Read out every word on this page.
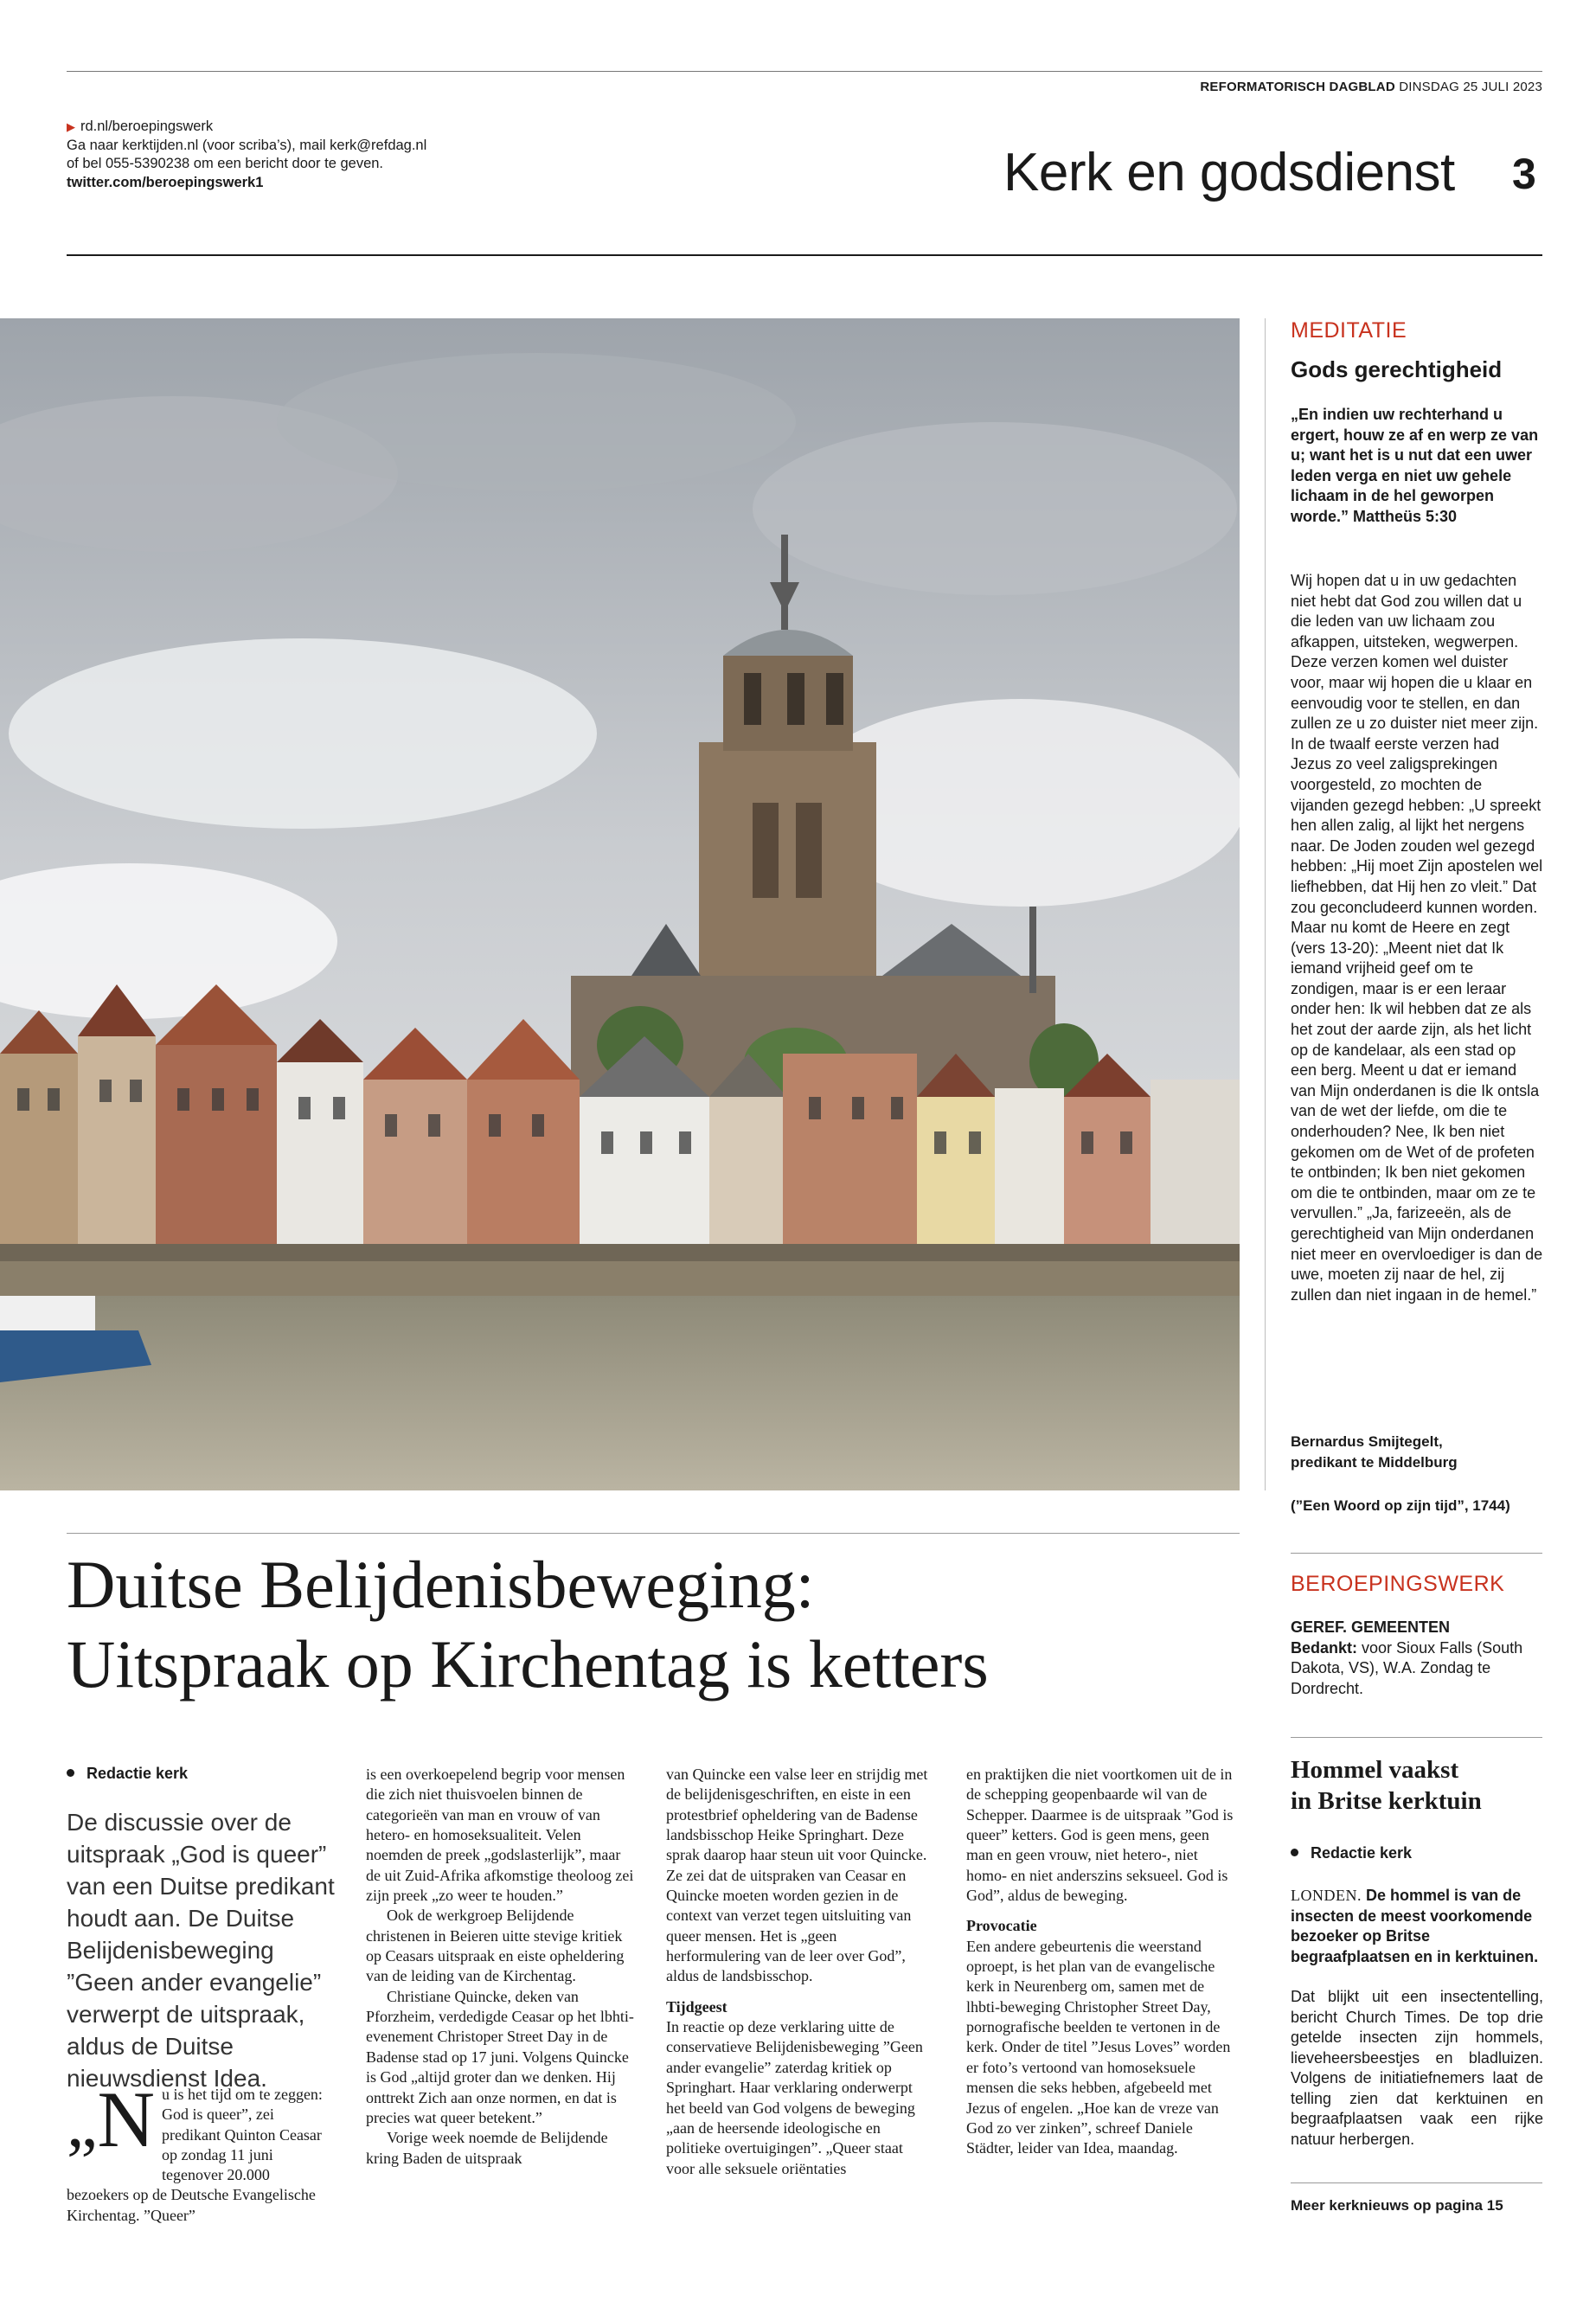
REFORMATORISCH DAGBLAD DINSDAG 25 JULI 2023
▶ rd.nl/beroepingswerk
Ga naar kerktijden.nl (voor scriba’s), mail kerk@refdag.nl
of bel 055-5390238 om een bericht door te geven.
twitter.com/beroepingswerk1	Kerk en godsdienst 3
MEDITATIE
Gods gerechtigheid
„En indien uw rechterhand u ergert, houw ze af en werp ze van u; want het is u nut dat een uwer leden verga en niet uw gehele lichaam in de hel geworpen worde.” Mattheüs 5:30

Wij hopen dat u in uw gedachten niet hebt dat God zou willen dat u die leden van uw lichaam zou afkappen, uitsteken, wegwerpen. Deze verzen komen wel duister voor, maar wij hopen die u klaar en eenvoudig voor te stellen, en dan zullen ze u zo duister niet meer zijn.

In de twaalf eerste verzen had Jezus zo veel zaligsprekingen voorgesteld, zo mochten de vijanden gezegd hebben: „U spreekt hen allen zalig, al lijkt het nergens naar. De Joden zouden wel gezegd hebben: „Hij moet Zijn apostelen wel liefhebben, dat Hij hen zo vleit.” Dat zou geconcludeerd kunnen worden. Maar nu komt de Heere en zegt (vers 13-20): „Meent niet dat Ik iemand vrijheid geef om te zondigen, maar is er een leraar onder hen: Ik wil hebben dat ze als het zout der aarde zijn, als het licht op de kandelaar, als een stad op een berg. Meent u dat er iemand van Mijn onderdanen is die Ik ontsla van de wet der liefde, om die te onderhouden? Nee, Ik ben niet gekomen om de Wet of de profeten te ontbinden; Ik ben niet gekomen om die te ontbinden, maar om ze te vervullen.” „Ja, farizeeën, als de gerechtigheid van Mijn onderdanen niet meer en overvloediger is dan de uwe, moeten zij naar de hel, zij zullen dan niet ingaan in de hemel.”

Bernardus Smijtegelt,
predikant te Middelburg
(”Een Woord op zijn tijd”, 1744)
BEROEPINGSWERK
GEREF. GEMEENTEN
Bedankt: voor Sioux Falls (South Dakota, VS), W.A. Zondag te Dordrecht.
Hommel vaakst
in Britse kerktuin
Redactie kerk
LONDEN. De hommel is van de insecten de meest voorkomende bezoeker op Britse begraafplaatsen en in kerktuinen.
Dat blijkt uit een insectentelling, bericht Church Times. De top drie getelde insecten zijn hommels, lieveheersbeestjes en bladluizen. Volgens de initiatiefnemers laat de telling zien dat kerktuinen en begraafplaatsen vaak een rijke natuur herbergen.
Meer kerknieuws op pagina 15
Duitse Belijdenisbeweging:
Uitspraak op Kirchentag is ketters
Redactie kerk
De discussie over de uitspraak „God is queer” van een Duitse predikant houdt aan. De Duitse Belijdenisbeweging ”Geen ander evangelie” verwerpt de uitspraak, aldus de Duitse nieuwsdienst Idea.
„N u is het tijd om te zeggen: God is queer”, zei predikant Quinton Ceasar op zondag 11 juni tegenover 20.000 bezoekers op de Deutsche Evangelische Kirchentag. ”Queer”

is een overkoepelend begrip voor mensen die zich niet thuisvoelen binnen de categorieën van man en vrouw of van hetero- en homoseksualiteit. Velen noemden de preek „godslasterlijk”, maar de uit Zuid-Afrika afkomstige theoloog zei zijn preek „zo weer te houden.”

Ook de werkgroep Belijdende christenen in Beieren uitte stevige kritiek op Ceasars uitspraak en eiste opheldering van de leiding van de Kirchentag.

Christiane Quincke, deken van Pforzheim, verdedigde Ceasar op het lbhti-evenement Christoper Street Day in de Badense stad op 17 juni. Volgens Quincke is God „altijd groter dan we denken. Hij onttrekt Zich aan onze normen, en dat is precies wat queer betekent.”

Vorige week noemde de Belijdende kring Baden de uitspraak

van Quincke een valse leer en strijdig met de belijdenisgeschriften, en eiste in een protestbrief opheldering van de Badense landsbisschop Heike Springhart. Deze sprak daarop haar steun uit voor Quincke. Ze zei dat de uitspraken van Ceasar en Quincke moeten worden gezien in de context van verzet tegen uitsluiting van queer mensen. Het is „geen herformulering van de leer over God”, aldus de landsbisschop.

Tijdgeest

In reactie op deze verklaring uitte de conservatieve Belijdenisbeweging ”Geen ander evangelie” zaterdag kritiek op Springhart. Haar verklaring onderwerpt het beeld van God volgens de beweging „aan de heersende ideologische en politieke overtuigingen”. „Queer staat voor alle seksuele oriëntaties

en praktijken die niet voortkomen uit de in de schepping geopenbaarde wil van de Schepper. Daarmee is de uitspraak ”God is queer” ketters. God is geen mens, geen man en geen vrouw, niet hetero-, niet homo- en niet anderszins seksueel. God is God”, aldus de beweging.

Provocatie

Een andere gebeurtenis die weerstand oproept, is het plan van de evangelische kerk in Neurenberg om, samen met de lhbti-beweging Christopher Street Day, pornografische beelden te vertonen in de kerk. Onder de titel ”Jesus Loves” worden er foto’s vertoond van homoseksuele mensen die seks hebben, afgebeeld met Jezus of engelen. „Hoe kan de vreze van God zo ver zinken”, schreef Daniele Städter, leider van Idea, maandag.
